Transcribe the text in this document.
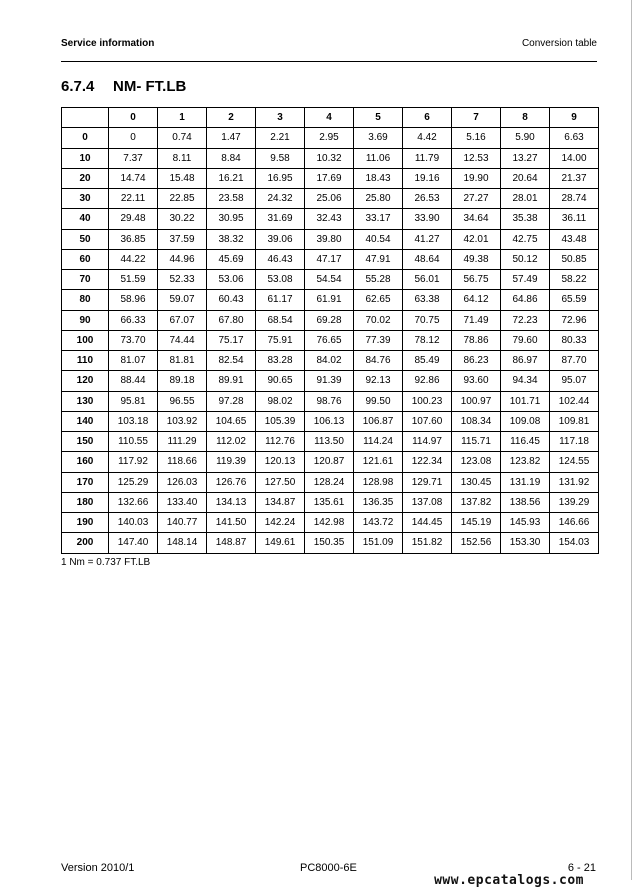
Service information	Conversion table
6.7.4 NM- FT.LB
	0	1	2	3	4	5	6	7	8	9
0	0	0.74	1.47	2.21	2.95	3.69	4.42	5.16	5.90	6.63
10	7.37	8.11	8.84	9.58	10.32	11.06	11.79	12.53	13.27	14.00
20	14.74	15.48	16.21	16.95	17.69	18.43	19.16	19.90	20.64	21.37
30	22.11	22.85	23.58	24.32	25.06	25.80	26.53	27.27	28.01	28.74
40	29.48	30.22	30.95	31.69	32.43	33.17	33.90	34.64	35.38	36.11
50	36.85	37.59	38.32	39.06	39.80	40.54	41.27	42.01	42.75	43.48
60	44.22	44.96	45.69	46.43	47.17	47.91	48.64	49.38	50.12	50.85
70	51.59	52.33	53.06	53.08	54.54	55.28	56.01	56.75	57.49	58.22
80	58.96	59.07	60.43	61.17	61.91	62.65	63.38	64.12	64.86	65.59
90	66.33	67.07	67.80	68.54	69.28	70.02	70.75	71.49	72.23	72.96
100	73.70	74.44	75.17	75.91	76.65	77.39	78.12	78.86	79.60	80.33
110	81.07	81.81	82.54	83.28	84.02	84.76	85.49	86.23	86.97	87.70
120	88.44	89.18	89.91	90.65	91.39	92.13	92.86	93.60	94.34	95.07
130	95.81	96.55	97.28	98.02	98.76	99.50	100.23	100.97	101.71	102.44
140	103.18	103.92	104.65	105.39	106.13	106.87	107.60	108.34	109.08	109.81
150	110.55	111.29	112.02	112.76	113.50	114.24	114.97	115.71	116.45	117.18
160	117.92	118.66	119.39	120.13	120.87	121.61	122.34	123.08	123.82	124.55
170	125.29	126.03	126.76	127.50	128.24	128.98	129.71	130.45	131.19	131.92
180	132.66	133.40	134.13	134.87	135.61	136.35	137.08	137.82	138.56	139.29
190	140.03	140.77	141.50	142.24	142.98	143.72	144.45	145.19	145.93	146.66
200	147.40	148.14	148.87	149.61	150.35	151.09	151.82	152.56	153.30	154.03
1 Nm = 0.737 FT.LB
Version 2010/1	PC8000-6E	6 - 21
www.epcatalogs.com
